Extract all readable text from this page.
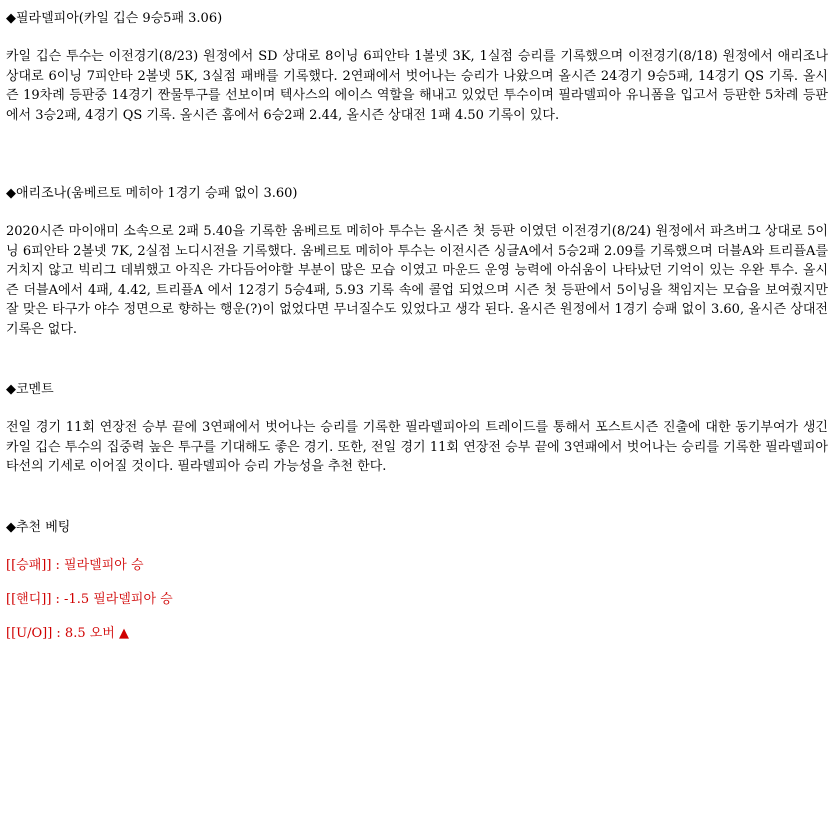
◆필라델피아(카일 깁슨 9승5패 3.06)

카일 깁슨 투수는 이전경기(8/23) 원정에서 SD 상대로 8이닝 6피안타 1볼넷 3K, 1실점 승리를 기록했으며 이전경기(8/18) 원정에서 애리조나 상대로 6이닝 7피안타 2볼넷 5K, 3실점 패배를 기록했다. 2연패에서 벗어나는 승리가 나왔으며 올시즌 24경기 9승5패, 14경기 QS 기록. 올시즌 19차례 등판중 14경기 짠물투구를 선보이며 텍사스의 에이스 역할을 해내고 있었던 투수이며 필라델피아 유니폼을 입고서 등판한 5차례 등판에서 3승2패, 4경기 QS 기록. 올시즌 홈에서 6승2패 2.44, 올시즌 상대전 1패 4.50 기록이 있다.

◆애리조나(움베르토 메히아 1경기 승패 없이 3.60)

2020시즌 마이애미 소속으로 2패 5.40을 기록한 움베르토 메히아 투수는 올시즌 첫 등판 이였던 이전경기(8/24) 원정에서 파츠버그 상대로 5이닝 6피안타 2볼넷 7K, 2실점 노디시전을 기록했다. 움베르토 메히아 투수는 이전시즌 싱글A에서 5승2패 2.09를 기록했으며 더블A와 트리플A를 거치지 않고 빅리그 데뷔했고 아직은 가다듬어야할 부분이 많은 모습 이였고 마운드 운영 능력에 아쉬움이 나타났던 기억이 있는 우완 투수. 올시즌 더블A에서 4패, 4.42, 트리플A 에서 12경기 5승4패, 5.93 기록 속에 콜업 되었으며 시즌 첫 등판에서 5이닝을 책임지는 모습을 보여줬지만 잘 맞은 타구가 야수 정면으로 향하는 행운(?)이 없었다면 무너질수도 있었다고 생각 된다. 올시즌 원정에서 1경기 승패 없이 3.60, 올시즌 상대전 기록은 없다.

◆코멘트

전일 경기 11회 연장전 승부 끝에 3연패에서 벗어나는 승리를 기록한 필라델피아의 트레이드를 통해서 포스트시즌 진출에 대한 동기부여가 생긴 카일 깁슨 투수의 집중력 높은 투구를 기대해도 좋은 경기. 또한, 전일 경기 11회 연장전 승부 끝에 3연패에서 벗어나는 승리를 기록한 필라델피아 타선의 기세로 이어질 것이다. 필라델피아 승리 가능성을 추천 한다.

◆추천 베팅

[[승패]] : 필라델피아 승

[[핸디]] : -1.5 필라델피아 승

[[U/O]] : 8.5 오버 ▲
